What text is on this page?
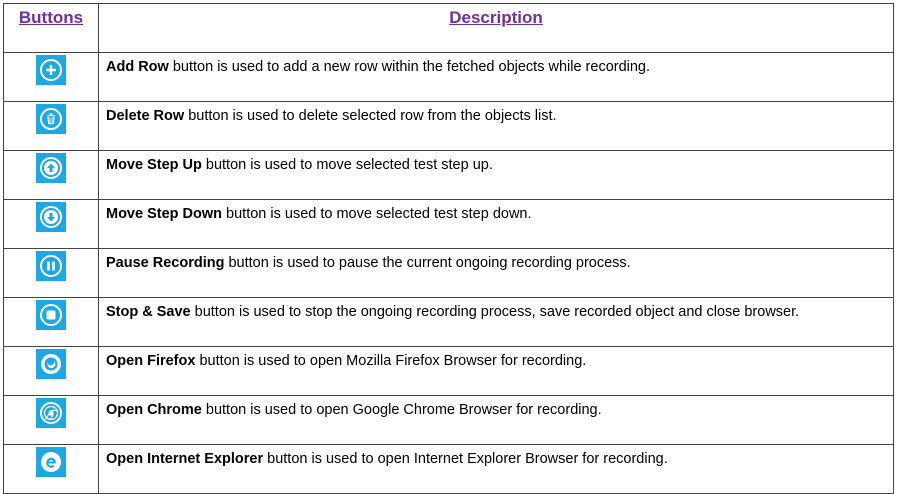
Buttons	Description

	Add Row button is used to add a new row within the fetched objects while recording.

	Delete Row button is used to delete selected row from the objects list.

	Move Step Up button is used to move selected test step up.

	Move Step Down button is used to move selected test step down.

	Pause Recording button is used to pause the current ongoing recording process.

	Stop & Save button is used to stop the ongoing recording process, save recorded object and close browser.

	Open Firefox button is used to open Mozilla Firefox Browser for recording.

	Open Chrome button is used to open Google Chrome Browser for recording.

	Open Internet Explorer button is used to open Internet Explorer Browser for recording.
